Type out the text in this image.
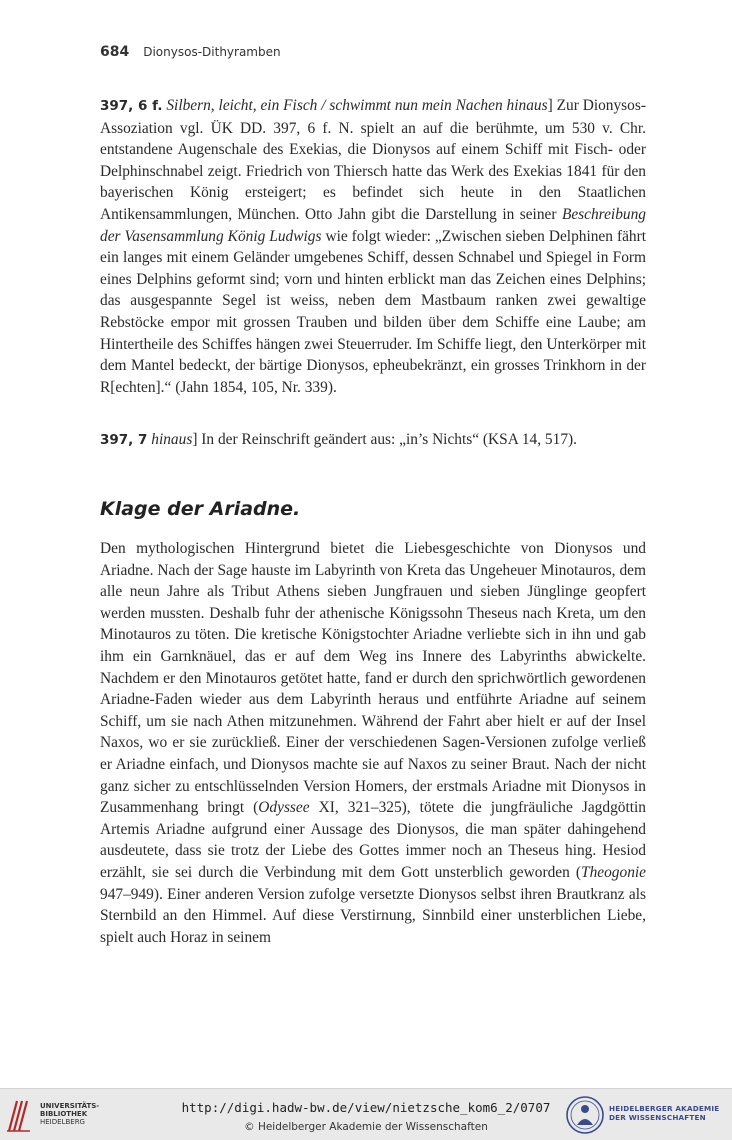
684 Dionysos-Dithyramben

397, 6 f. Silbern, leicht, ein Fisch / schwimmt nun mein Nachen hinaus] Zur Dionysos-Assoziation vgl. ÜK DD. 397, 6 f. N. spielt an auf die berühmte, um 530 v. Chr. entstandene Augenschale des Exekias, die Dionysos auf einem Schiff mit Fisch- oder Delphinschnabel zeigt. Friedrich von Thiersch hatte das Werk des Exekias 1841 für den bayerischen König ersteigert; es befindet sich heute in den Staatlichen Antikensammlungen, München. Otto Jahn gibt die Darstellung in seiner Beschreibung der Vasensammlung König Ludwigs wie folgt wieder: „Zwischen sieben Delphinen fährt ein langes mit einem Geländer umgebenes Schiff, dessen Schnabel und Spiegel in Form eines Delphins geformt sind; vorn und hinten erblickt man das Zeichen eines Delphins; das ausgespannte Segel ist weiss, neben dem Mastbaum ranken zwei gewaltige Rebstöcke empor mit grossen Trauben und bilden über dem Schiffe eine Laube; am Hintertheile des Schiffes hängen zwei Steuerruder. Im Schiffe liegt, den Unterkörper mit dem Mantel bedeckt, der bärtige Dionysos, epheubekränzt, ein grosses Trinkhorn in der R[echten].“ (Jahn 1854, 105, Nr. 339).

397, 7 hinaus] In der Reinschrift geändert aus: „in’s Nichts“ (KSA 14, 517).

Klage der Ariadne.

Den mythologischen Hintergrund bietet die Liebesgeschichte von Dionysos und Ariadne. Nach der Sage hauste im Labyrinth von Kreta das Ungeheuer Minotauros, dem alle neun Jahre als Tribut Athens sieben Jungfrauen und sieben Jünglinge geopfert werden mussten. Deshalb fuhr der athenische Königssohn Theseus nach Kreta, um den Minotauros zu töten. Die kretische Königstochter Ariadne verliebte sich in ihn und gab ihm ein Garnknäuel, das er auf dem Weg ins Innere des Labyrinths abwickelte. Nachdem er den Minotauros getötet hatte, fand er durch den sprichwörtlich gewordenen Ariadne-Faden wieder aus dem Labyrinth heraus und entführte Ariadne auf seinem Schiff, um sie nach Athen mitzunehmen. Während der Fahrt aber hielt er auf der Insel Naxos, wo er sie zurückließ. Einer der verschiedenen Sagen-Versionen zufolge verließ er Ariadne einfach, und Dionysos machte sie auf Naxos zu seiner Braut. Nach der nicht ganz sicher zu entschlüsselnden Version Homers, der erstmals Ariadne mit Dionysos in Zusammenhang bringt (Odyssee XI, 321–325), tötete die jungfräuliche Jagdgöttin Artemis Ariadne aufgrund einer Aussage des Dionysos, die man später dahingehend ausdeutete, dass sie trotz der Liebe des Gottes immer noch an Theseus hing. Hesiod erzählt, sie sei durch die Verbindung mit dem Gott unsterblich geworden (Theogonie 947–949). Einer anderen Version zufolge versetzte Dionysos selbst ihren Brautkranz als Sternbild an den Himmel. Auf diese Verstirnung, Sinnbild einer unsterblichen Liebe, spielt auch Horaz in seinem

UNIVERSITÄTS-
BIBLIOTHEK
HEIDELBERG
http://digi.hadw-bw.de/view/nietzsche_kom6_2/0707
© Heidelberger Akademie der Wissenschaften
HEIDELBERGER AKADEMIE
DER WISSENSCHAFTEN
